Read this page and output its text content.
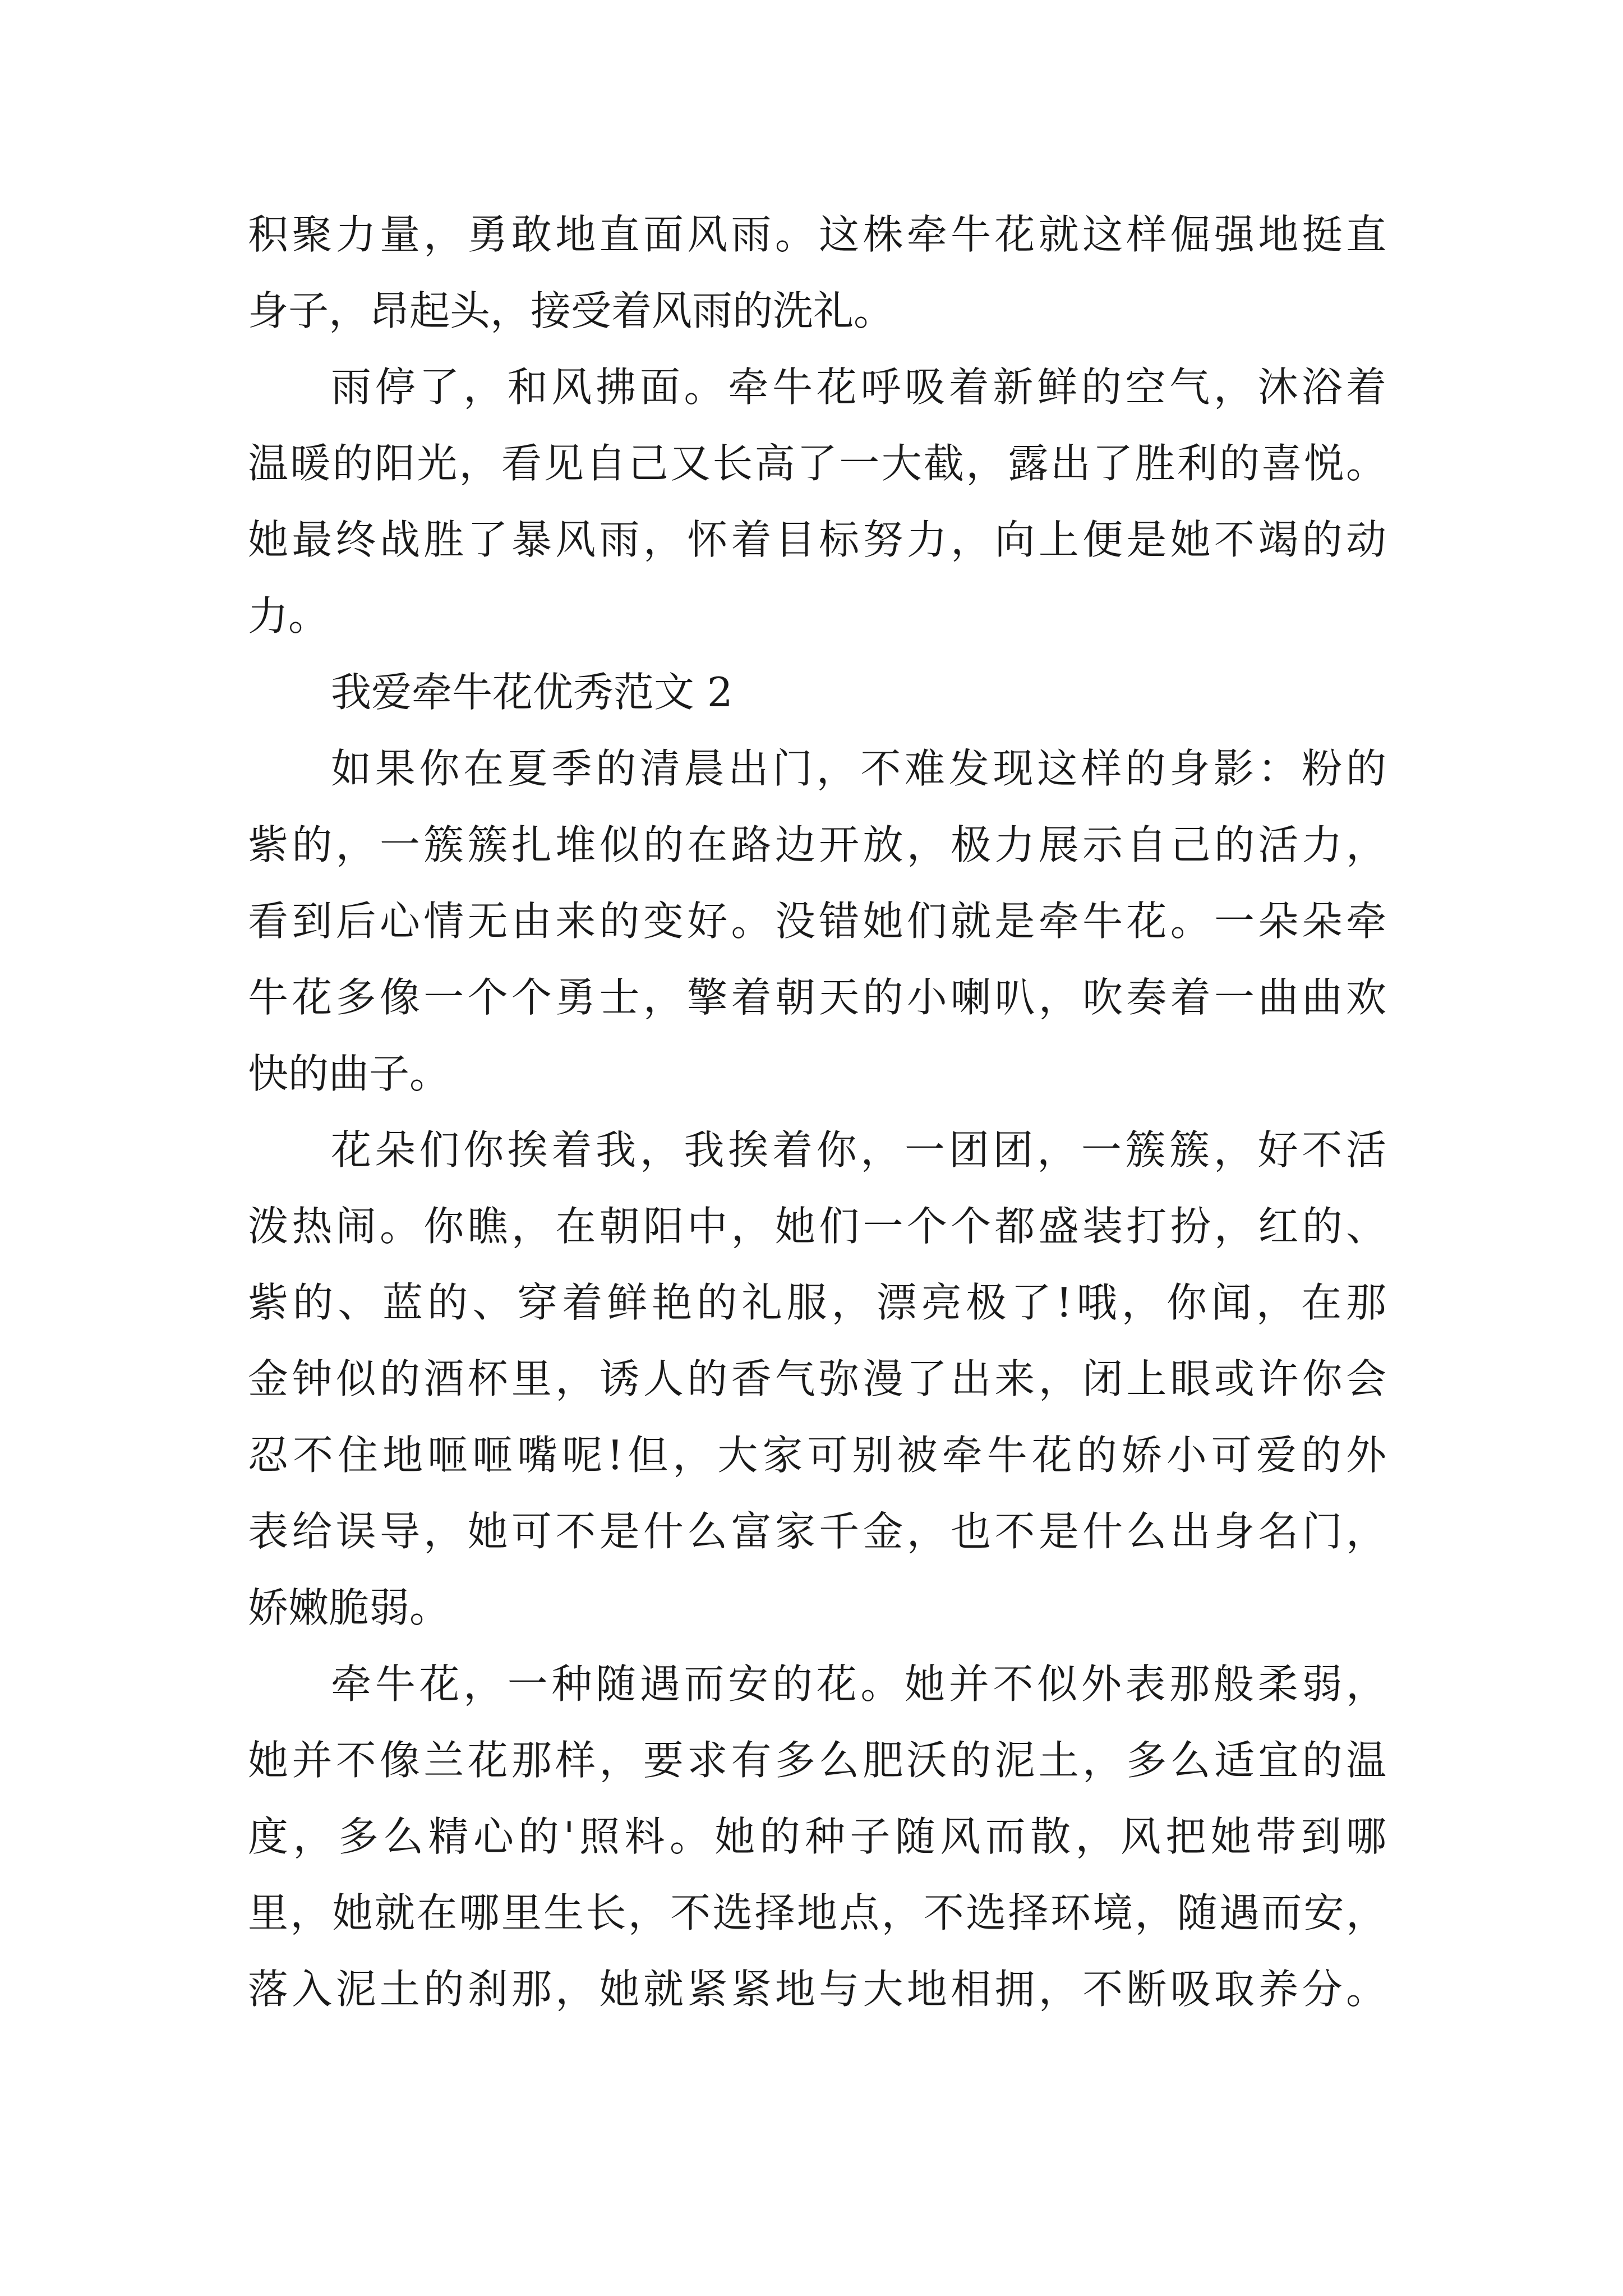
积聚力量，勇敢地直面风雨。这株牵牛花就这样倔强地挺直
身子，昂起头，接受着风雨的洗礼。
雨停了，和风拂面。牵牛花呼吸着新鲜的空气，沐浴着
温暖的阳光，看见自己又长高了一大截，露出了胜利的喜悦。
她最终战胜了暴风雨，怀着目标努力，向上便是她不竭的动
力。
我爱牵牛花优秀范文 2
如果你在夏季的清晨出门，不难发现这样的身影：粉的
紫的，一簇簇扎堆似的在路边开放，极力展示自己的活力，
看到后心情无由来的变好。没错她们就是牵牛花。一朵朵牵
牛花多像一个个勇士，擎着朝天的小喇叭，吹奏着一曲曲欢
快的曲子。
花朵们你挨着我，我挨着你，一团团，一簇簇，好不活
泼热闹。你瞧，在朝阳中，她们一个个都盛装打扮，红的、
紫的、蓝的、穿着鲜艳的礼服，漂亮极了!哦，你闻，在那
金钟似的酒杯里，诱人的香气弥漫了出来，闭上眼或许你会
忍不住地咂咂嘴呢!但，大家可别被牵牛花的娇小可爱的外
表给误导，她可不是什么富家千金，也不是什么出身名门，
娇嫩脆弱。
牵牛花，一种随遇而安的花。她并不似外表那般柔弱，
她并不像兰花那样，要求有多么肥沃的泥土，多么适宜的温
度，多么精心的'照料。她的种子随风而散，风把她带到哪
里，她就在哪里生长，不选择地点，不选择环境，随遇而安，
落入泥土的刹那，她就紧紧地与大地相拥，不断吸取养分。
